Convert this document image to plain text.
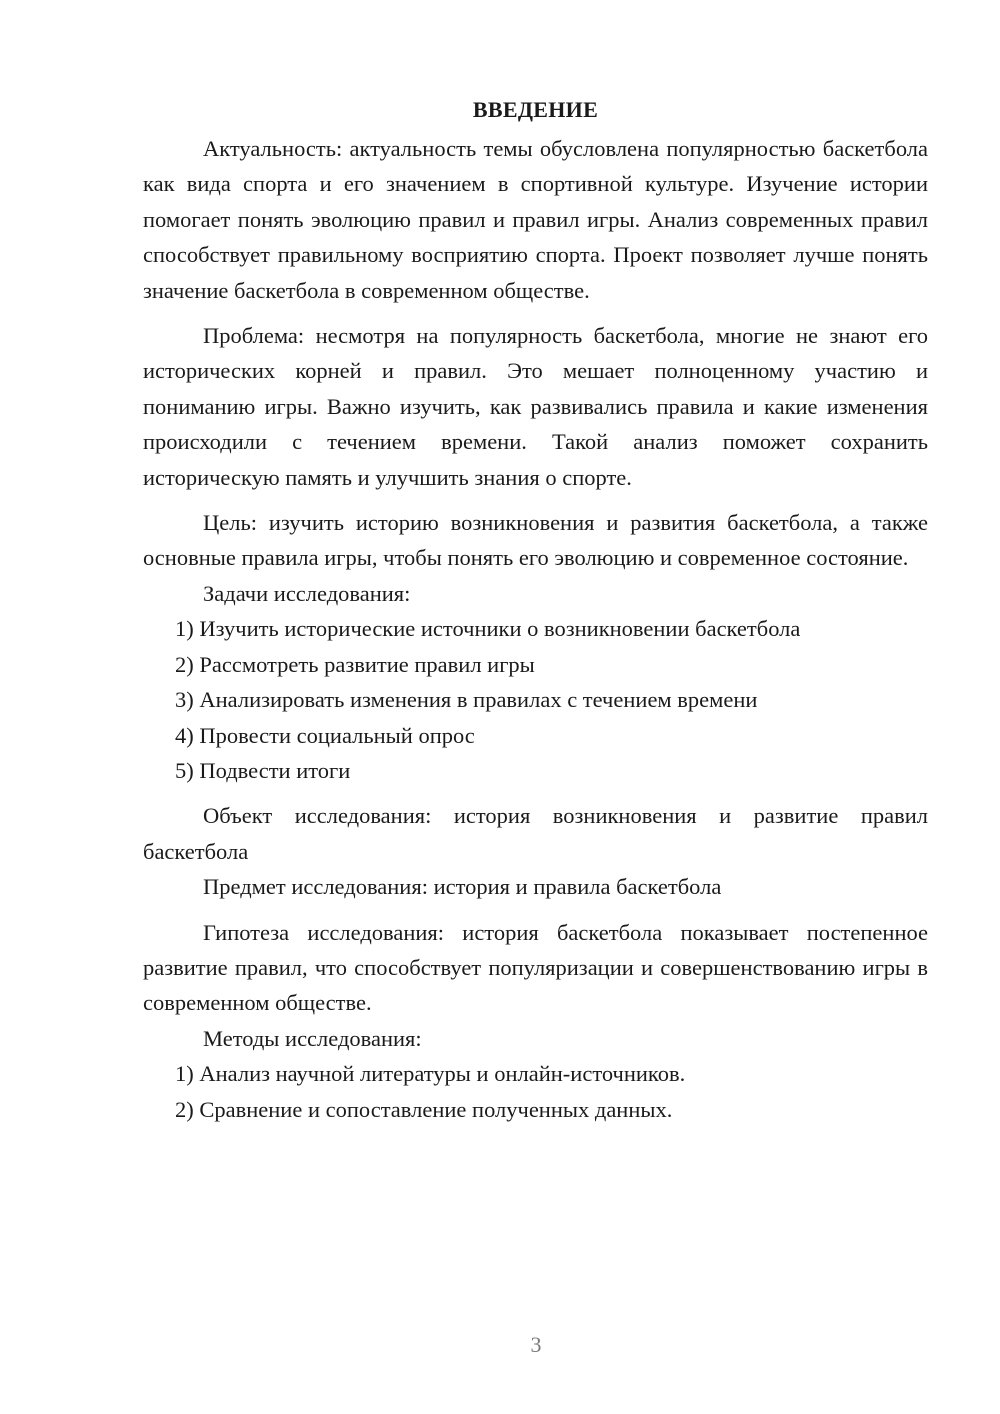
ВВЕДЕНИЕ

Актуальность: актуальность темы обусловлена популярностью баскетбола как вида спорта и его значением в спортивной культуре. Изучение истории помогает понять эволюцию правил и правил игры. Анализ современных правил способствует правильному восприятию спорта. Проект позволяет лучше понять значение баскетбола в современном обществе.

Проблема: несмотря на популярность баскетбола, многие не знают его исторических корней и правил. Это мешает полноценному участию и пониманию игры. Важно изучить, как развивались правила и какие изменения происходили с течением времени. Такой анализ поможет сохранить историческую память и улучшить знания о спорте.

Цель: изучить историю возникновения и развития баскетбола, а также основные правила игры, чтобы понять его эволюцию и современное состояние.

Задачи исследования:

1) Изучить исторические источники о возникновении баскетбола

2) Рассмотреть развитие правил игры

3) Анализировать изменения в правилах с течением времени

4) Провести социальный опрос

5) Подвести итоги

Объект исследования: история возникновения и развитие правил баскетбола

Предмет исследования: история и правила баскетбола

Гипотеза исследования: история баскетбола показывает постепенное развитие правил, что способствует популяризации и совершенствованию игры в современном обществе.

Методы исследования:

1) Анализ научной литературы и онлайн-источников.

2) Сравнение и сопоставление полученных данных.

3
